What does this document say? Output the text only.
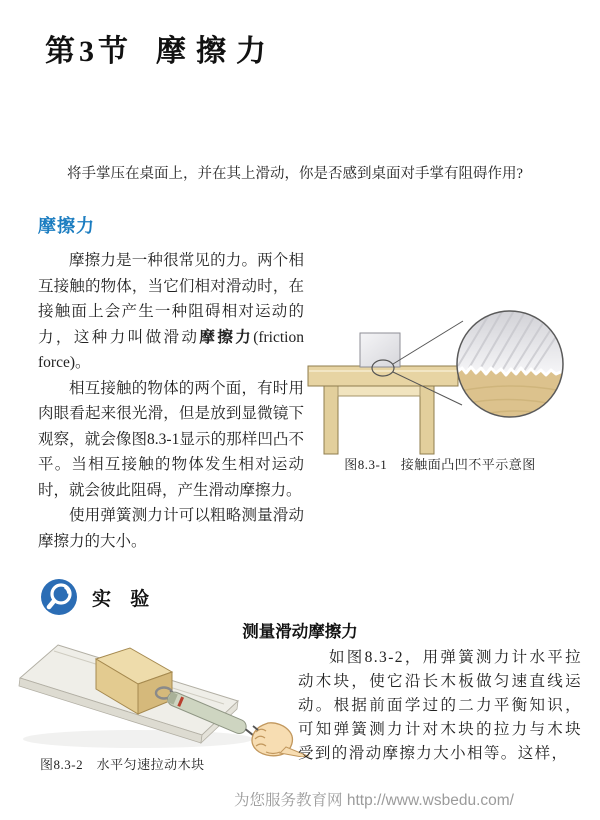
第3节 摩擦力

将手掌压在桌面上，并在其上滑动，你是否感到桌面对手掌有阻碍作用?

摩擦力

摩擦力是一种很常见的力。两个相互接触的物体，当它们相对滑动时，在接触面上会产生一种阻碍相对运动的力，这种力叫做滑动摩擦力(friction force)。

相互接触的物体的两个面，有时用肉眼看起来很光滑，但是放到显微镜下观察，就会像图8.3-1显示的那样凹凸不平。当相互接触的物体发生相对运动时，就会彼此阻碍，产生滑动摩擦力。

使用弹簧测力计可以粗略测量滑动摩擦力的大小。

图8.3-1　接触面凸凹不平示意图
实 验
测量滑动摩擦力
图8.3-2　水平匀速拉动木块

如图8.3-2，用弹簧测力计水平拉动木块，使它沿长木板做匀速直线运动。根据前面学过的二力平衡知识，可知弹簧测力计对木块的拉力与木块受到的滑动摩擦力大小相等。这样，

为您服务教育网 http://www.wsbedu.com/
